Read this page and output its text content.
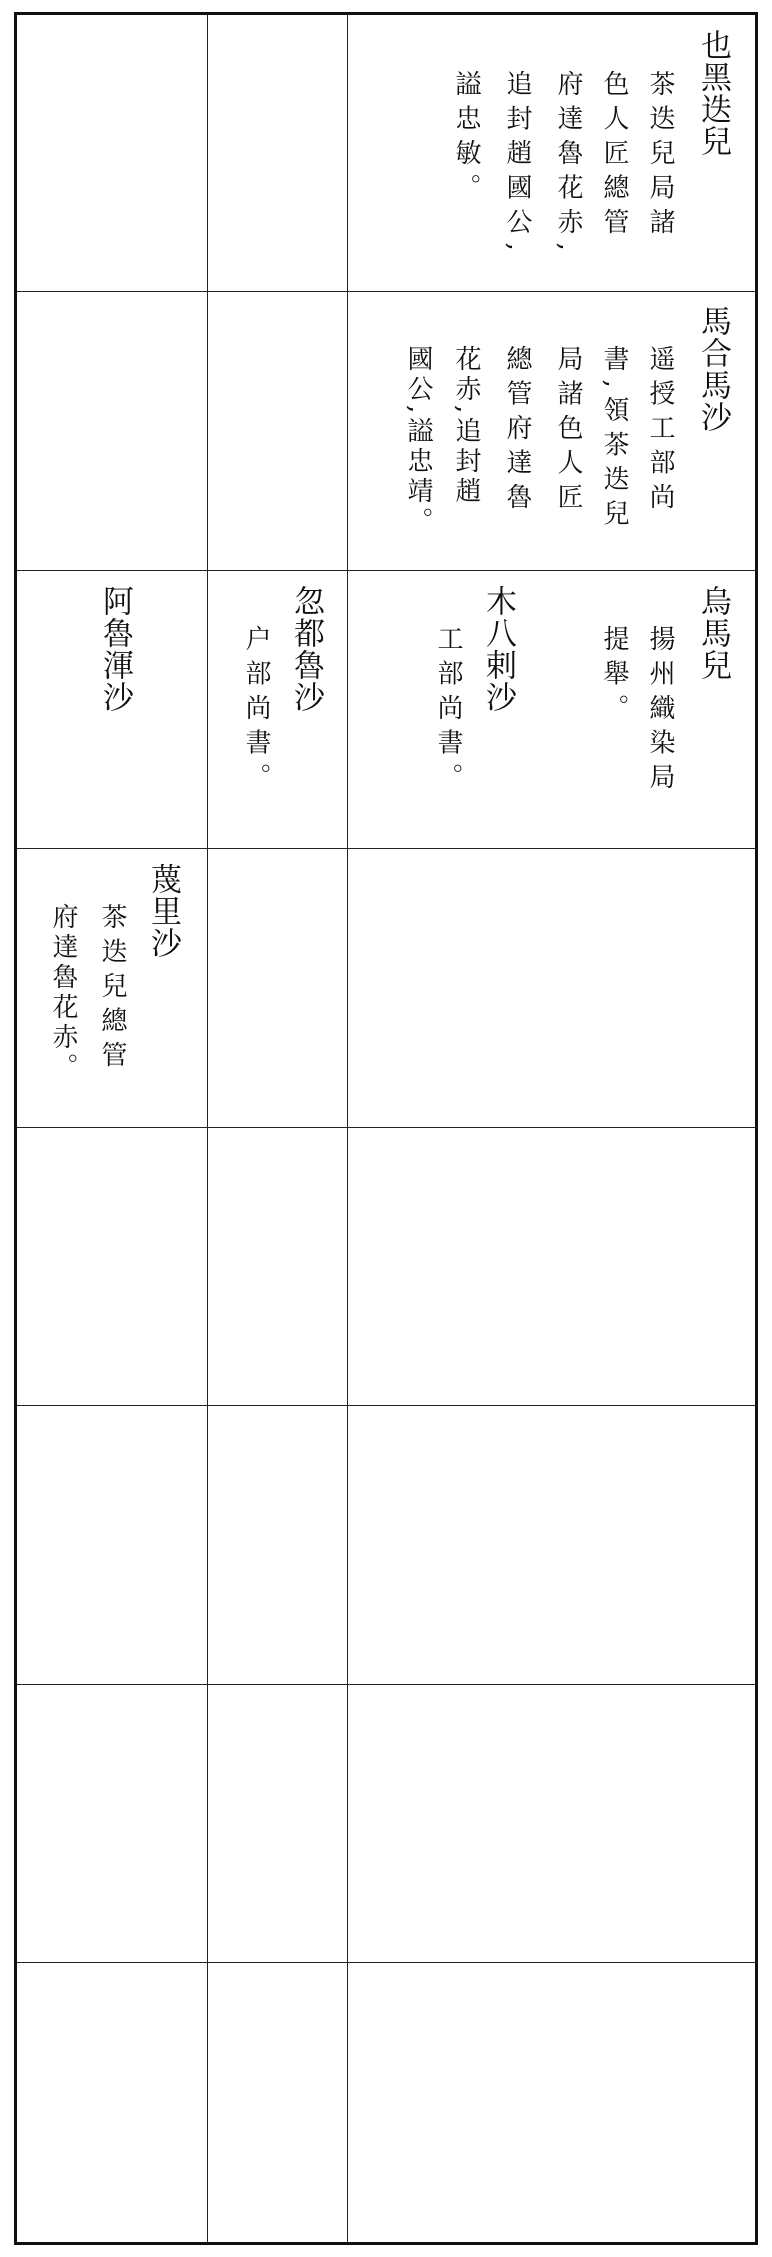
也黑迭兒
茶迭兒局諸
色人匠總管
府達魯花赤,
追封趙國公,
謚忠敏。
馬合馬沙
遥授工部尚
書,領茶迭兒
局諸色人匠
總管府達魯
花赤,追封趙
國公,謚忠靖。
烏馬兒
揚州織染局
提舉。
木八剌沙
工部尚書。
忽都魯沙
户部尚書。
阿魯渾沙
蔑里沙
茶迭兒總管
府達魯花赤。
